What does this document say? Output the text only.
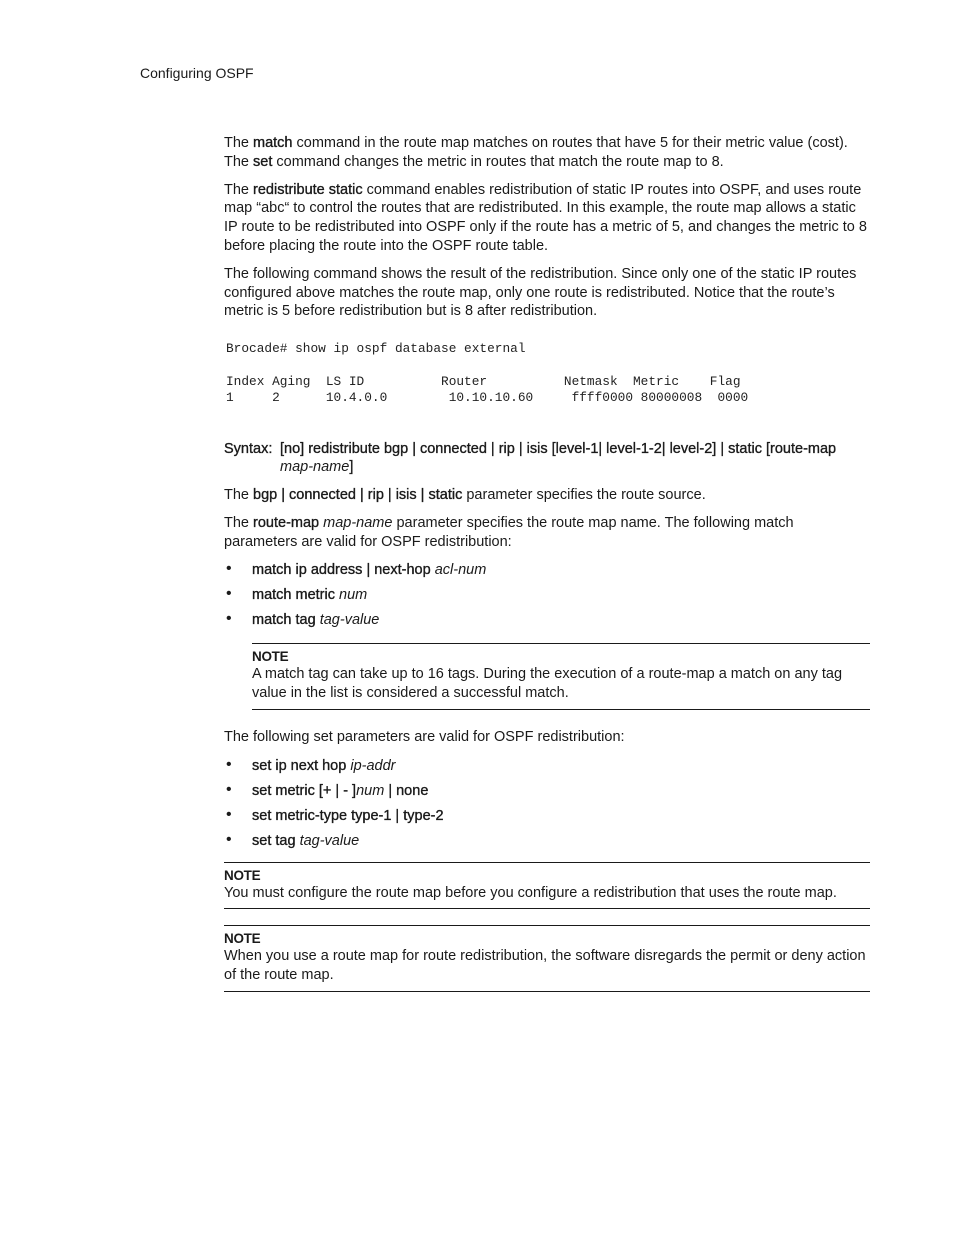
Configuring OSPF

The match command in the route map matches on routes that have 5 for their metric value (cost). The set command changes the metric in routes that match the route map to 8.

The redistribute static command enables redistribution of static IP routes into OSPF, and uses route map “abc“ to control the routes that are redistributed. In this example, the route map allows a static IP route to be redistributed into OSPF only if the route has a metric of 5, and changes the metric to 8 before placing the route into the OSPF route table.

The following command shows the result of the redistribution. Since only one of the static IP routes configured above matches the route map, only one route is redistributed. Notice that the route’s metric is 5 before redistribution but is 8 after redistribution.

Brocade# show ip ospf database external
Index Aging  LS ID          Router          Netmask  Metric    Flag
1     2      10.4.0.0        10.10.10.60     ffff0000 80000008  0000
Syntax: [no] redistribute bgp | connected | rip | isis [level-1| level-1-2| level-2] | static [route-map map-name]

The bgp | connected | rip | isis | static parameter specifies the route source.

The route-map map-name parameter specifies the route map name. The following match parameters are valid for OSPF redistribution:

• match ip address | next-hop acl-num
• match metric num
• match tag tag-value
NOTE
A match tag can take up to 16 tags. During the execution of a route-map a match on any tag value in the list is considered a successful match.

The following set parameters are valid for OSPF redistribution:

• set ip next hop ip-addr
• set metric [+ | - ]num | none
• set metric-type type-1 | type-2
• set tag tag-value
NOTE
You must configure the route map before you configure a redistribution that uses the route map.
NOTE
When you use a route map for route redistribution, the software disregards the permit or deny action of the route map.
